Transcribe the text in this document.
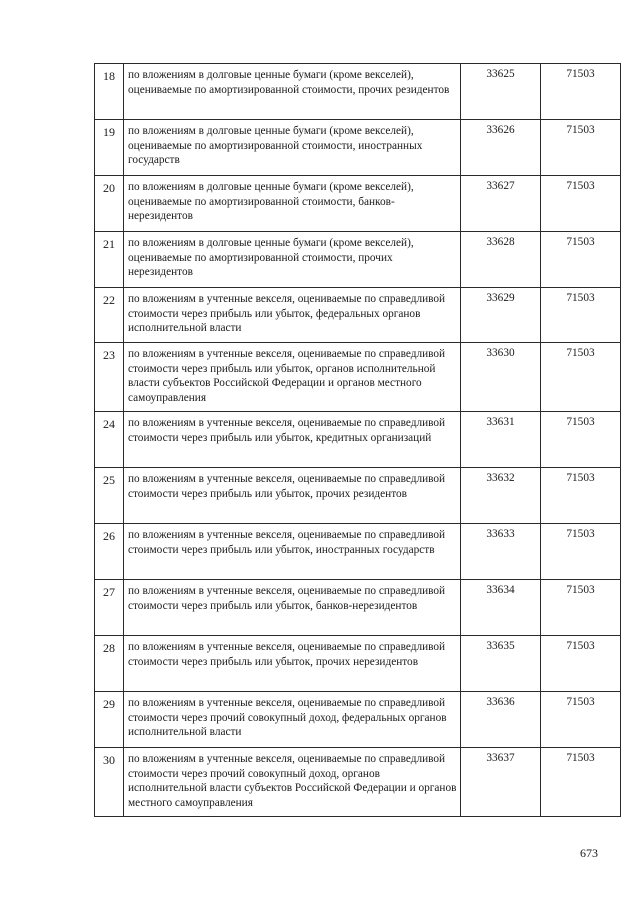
18	по вложениям в долговые ценные бумаги (кроме векселей), оцениваемые по амортизированной стоимости, прочих резидентов	33625	71503
19	по вложениям в долговые ценные бумаги (кроме векселей), оцениваемые по амортизированной стоимости, иностранных государств	33626	71503
20	по вложениям в долговые ценные бумаги (кроме векселей), оцениваемые по амортизированной стоимости, банков-нерезидентов	33627	71503
21	по вложениям в долговые ценные бумаги (кроме векселей), оцениваемые по амортизированной стоимости, прочих нерезидентов	33628	71503
22	по вложениям в учтенные векселя, оцениваемые по справедливой стоимости через прибыль или убыток, федеральных органов исполнительной власти	33629	71503
23	по вложениям в учтенные векселя, оцениваемые по справедливой стоимости через прибыль или убыток, органов исполнительной власти субъектов Российской Федерации и органов местного самоуправления	33630	71503
24	по вложениям в учтенные векселя, оцениваемые по справедливой стоимости через прибыль или убыток, кредитных организаций	33631	71503
25	по вложениям в учтенные векселя, оцениваемые по справедливой стоимости через прибыль или убыток, прочих резидентов	33632	71503
26	по вложениям в учтенные векселя, оцениваемые по справедливой стоимости через прибыль или убыток, иностранных государств	33633	71503
27	по вложениям в учтенные векселя, оцениваемые по справедливой стоимости через прибыль или убыток, банков-нерезидентов	33634	71503
28	по вложениям в учтенные векселя, оцениваемые по справедливой стоимости через прибыль или убыток, прочих нерезидентов	33635	71503
29	по вложениям в учтенные векселя, оцениваемые по справедливой стоимости через прочий совокупный доход, федеральных органов исполнительной власти	33636	71503
30	по вложениям в учтенные векселя, оцениваемые по справедливой стоимости через прочий совокупный доход, органов исполнительной власти субъектов Российской Федерации и органов местного самоуправления	33637	71503
673
